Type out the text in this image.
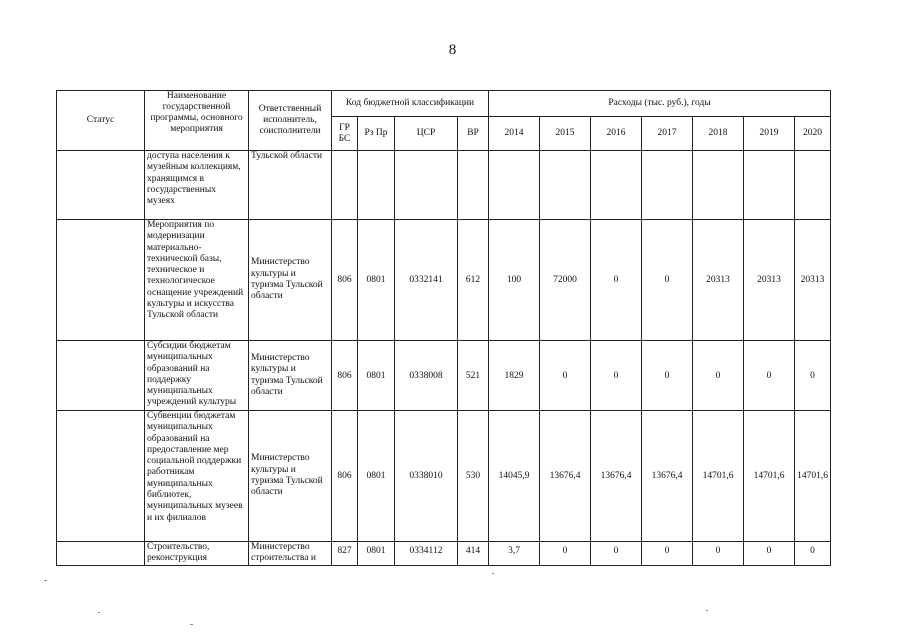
8
Статус	Наименование государственной программы, основного мероприятия	Ответственный исполнитель, соисполнители	Код бюджетной классификации				Расходы (тыс. руб.), годы						
			ГР БС	Рз Пр	ЦСР	ВР	2014	2015	2016	2017	2018	2019	2020
	доступа населения к музейным коллекциям, хранящимся в государственных музеях	Тульской области											
	Мероприятия по модернизации материально-технической базы, техническое и технологическое оснащение учреждений культуры и искусства Тульской области	Министерство культуры и туризма Тульской области	806	0801	0332141	612	100	72000	0	0	20313	20313	20313
	Субсидии бюджетам муниципальных образований на поддержку муниципальных учреждений культуры	Министерство культуры и туризма Тульской области	806	0801	0338008	521	1829	0	0	0	0	0	0
	Субвенции бюджетам муниципальных образований на предоставление мер социальной поддержки работникам муниципальных библиотек, муниципальных музеев и их филиалов	Министерство культуры и туризма Тульской области	806	0801	0338010	530	14045,9	13676,4	13676,4	13676,4	14701,6	14701,6	14701,6
	Строительство, реконструкция	Министерство строительства и	827	0801	0334112	414	3,7	0	0	0	0	0	0
